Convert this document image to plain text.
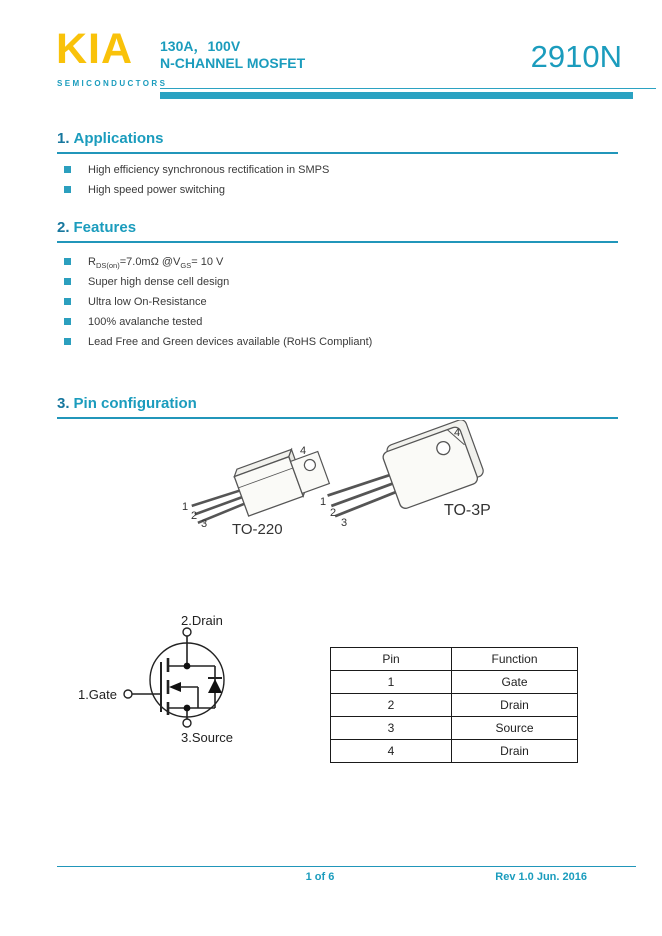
KIA
SEMICONDUCTORS
130A，100V
N-CHANNEL MOSFET	2910N
1. Applications
High efficiency synchronous rectification in SMPS
High speed power switching
2. Features
$R_{DS(on)}=7.0m\Omega$ $@V_{GS}= 10$ V
Super high dense cell design
Ultra low On-Resistance
100% avalanche tested
Lead Free and Green devices available (RoHS Compliant)
3. Pin configuration
1
2
3
4
TO-220
1
2
3
4
TO-3P
2.Drain
1.Gate
3.Source
Pin	Function
1	Gate
2	Drain
3	Source
4	Drain
1 of 6	Rev 1.0 Jun. 2016
